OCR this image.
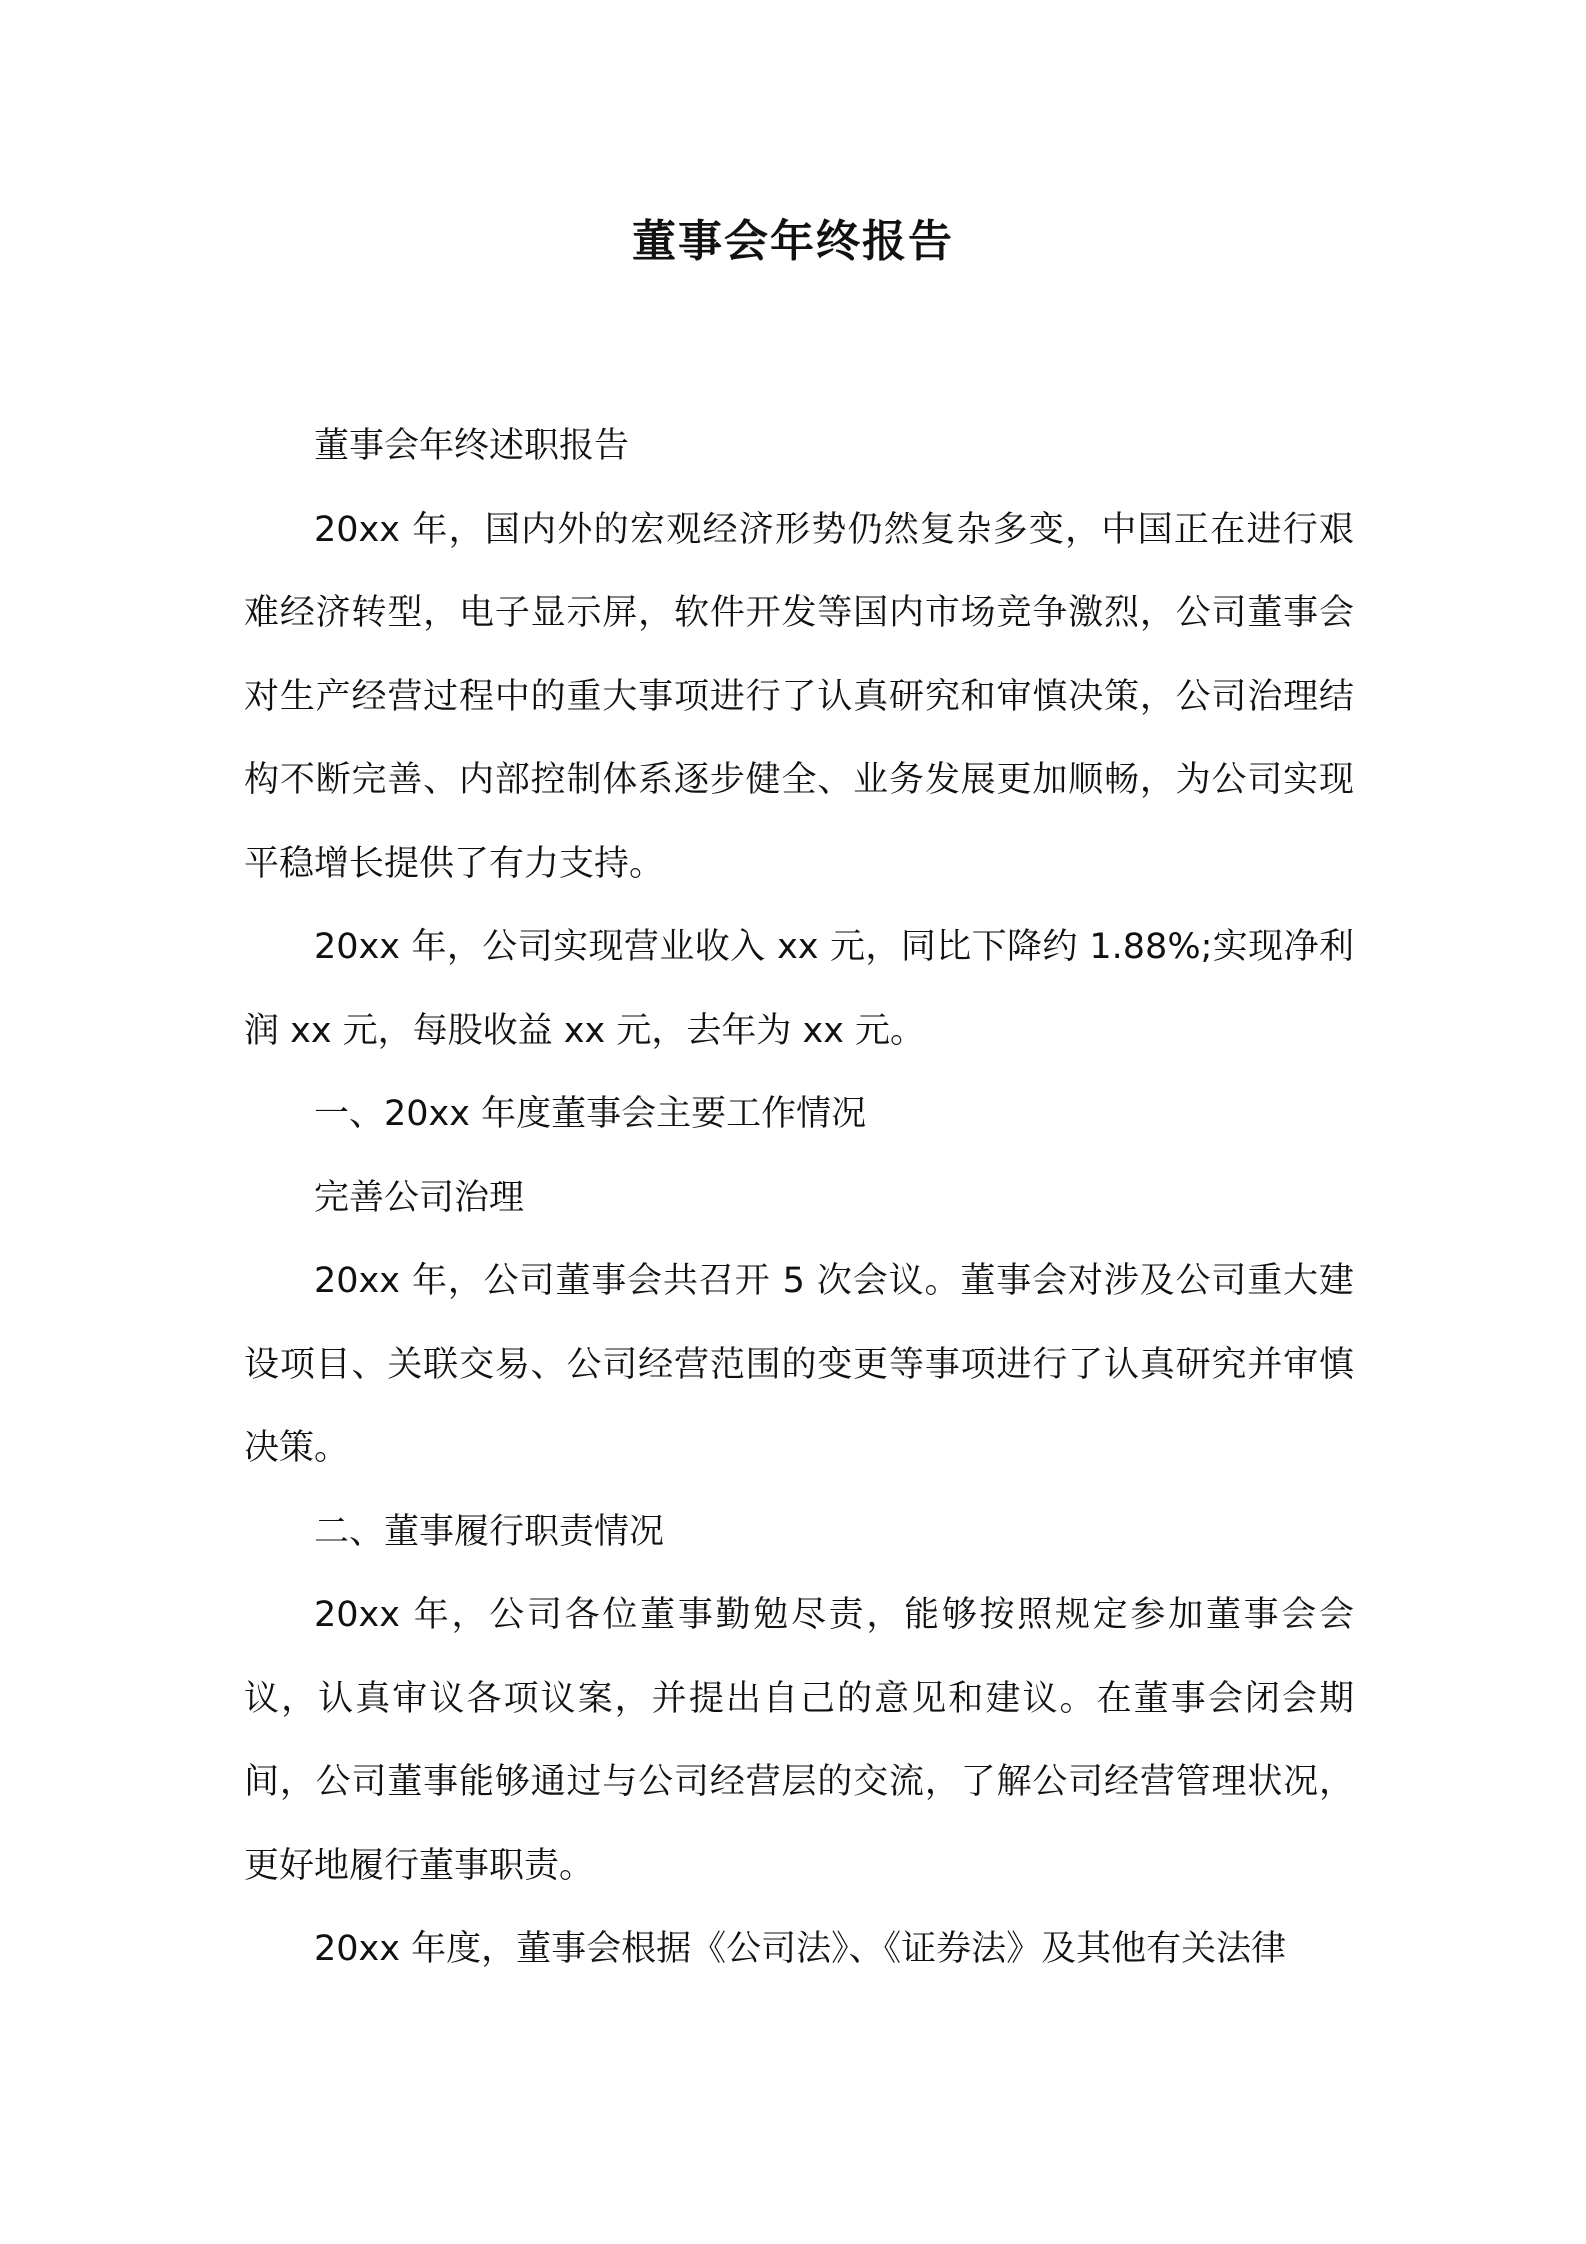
董事会年终报告

董事会年终述职报告

20xx 年，国内外的宏观经济形势仍然复杂多变，中国正在进行艰难经济转型，电子显示屏，软件开发等国内市场竞争激烈，公司董事会对生产经营过程中的重大事项进行了认真研究和审慎决策，公司治理结构不断完善、内部控制体系逐步健全、业务发展更加顺畅，为公司实现平稳增长提供了有力支持。

20xx 年，公司实现营业收入 xx 元，同比下降约 1.88%;实现净利润 xx 元，每股收益 xx 元，去年为 xx 元。

一、20xx 年度董事会主要工作情况

完善公司治理

20xx 年，公司董事会共召开 5 次会议。董事会对涉及公司重大建设项目、关联交易、公司经营范围的变更等事项进行了认真研究并审慎决策。

二、董事履行职责情况

20xx 年，公司各位董事勤勉尽责，能够按照规定参加董事会会议，认真审议各项议案，并提出自己的意见和建议。在董事会闭会期间，公司董事能够通过与公司经营层的交流，了解公司经营管理状况，更好地履行董事职责。

20xx 年度，董事会根据《公司法》、《证券法》及其他有关法律
